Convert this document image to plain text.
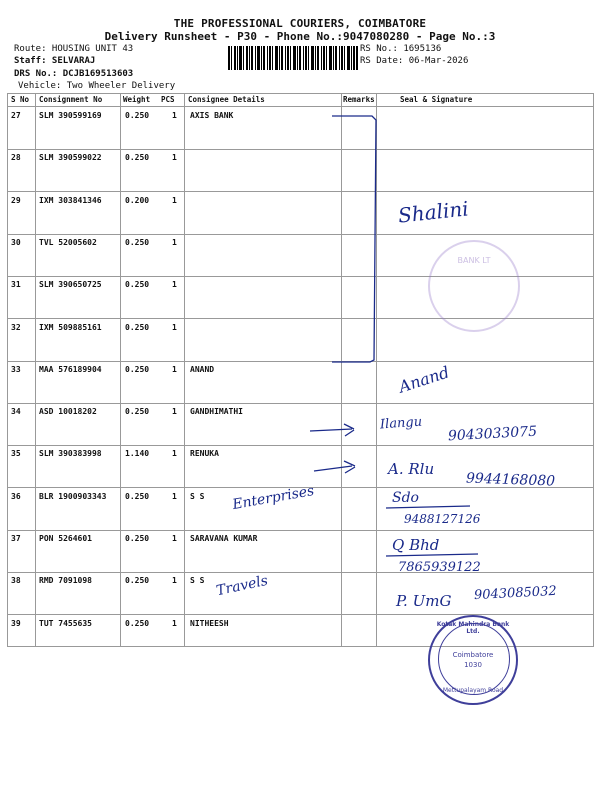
THE PROFESSIONAL COURIERS, COIMBATORE
Delivery Runsheet - P30 - Phone No.:9047080280 - Page No.:3
Route: HOUSING UNIT 43
Staff: SELVARAJ
DRS No.: DCJB169513603
Vehicle: Two Wheeler Delivery
RS No.: 1695136
RS Date: 06-Mar-2026
S No Consignment No	Weight PCS Consignee Details	Remarks	Seal & Signature
27 SLM 390599169	0.250	1 AXIS BANK
28 SLM 390599022	0.250	1
29 IXM 303841346	0.200	1
30 TVL 52005602	0.250	1
31 SLM 390650725	0.250	1
32 IXM 509885161	0.250	1
33 MAA 576189904	0.250	1 ANAND
34 ASD 10018202	0.250	1 GANDHIMATHI
35 SLM 390383998	1.140	1 RENUKA
36 BLR 1900903343 0.250	1 S S
37 PON 5264601	0.250	1 SARAVANA KUMAR
38 RMD 7091098	0.250	1 S S
39 TUT 7455635	0.250	1 NITHEESH
BANK LT
Kotak Mahindra Bank Ltd.
Coimbatore
1030
Mettupalayam Road
Shalini
Anand
Ilangu
9043033075
A. Rlu
9944168080
Enterprises	Sdo
9488127126
Q Bhd
7865939122
Travels
P. UmG 9043085032
